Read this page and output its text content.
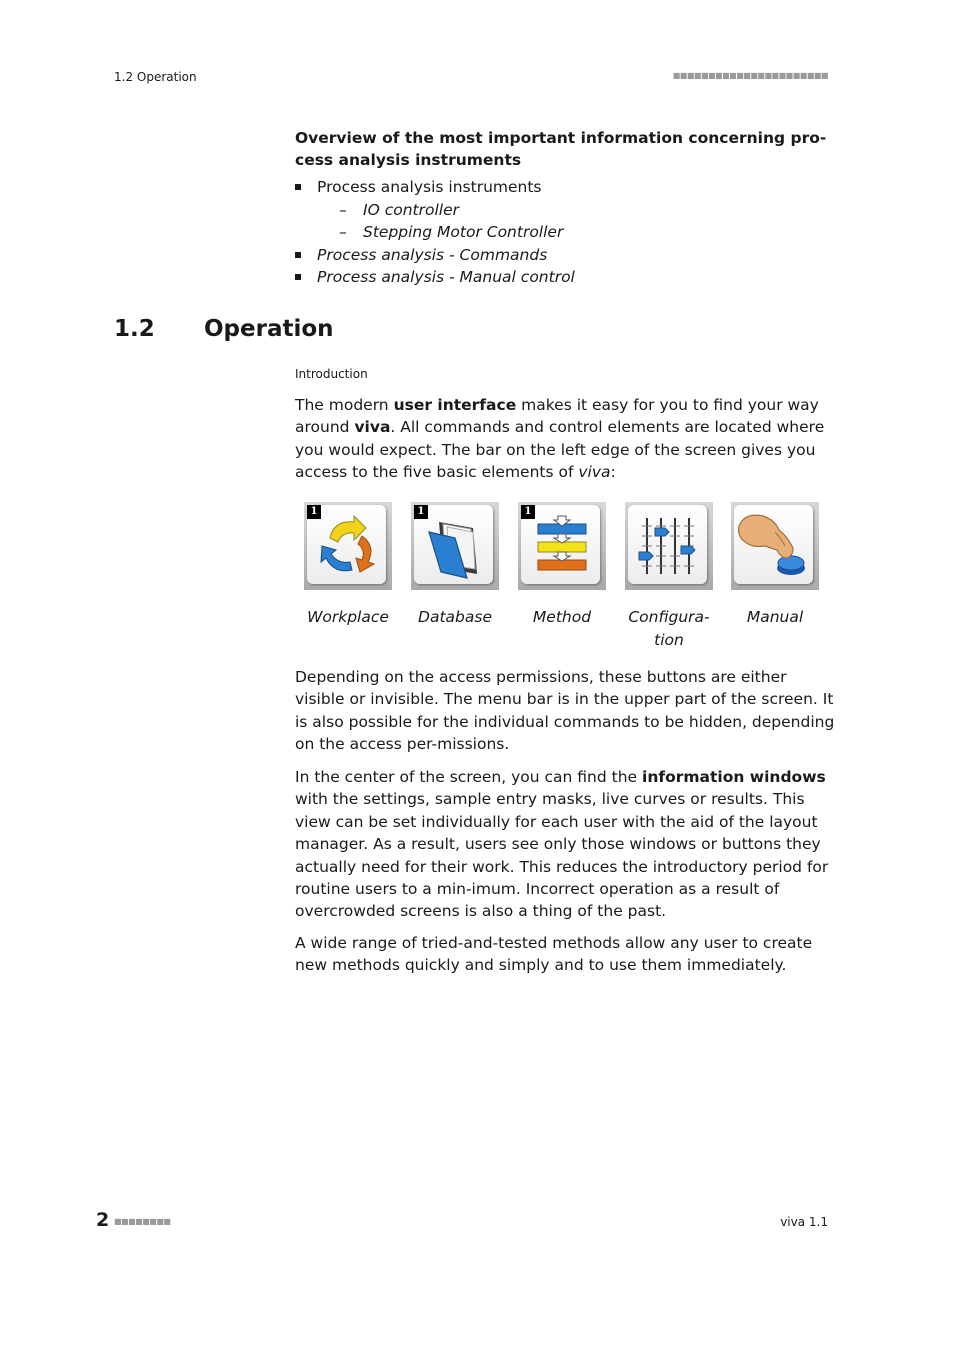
1.2 Operation	■■■■■■■■■■■■■■■■■■■■■■
Overview of the most important information concerning pro-cess analysis instruments
Process analysis instruments
– IO controller
– Stepping Motor Controller
Process analysis - Commands
Process analysis - Manual control
1.2 Operation
Introduction
The modern user interface makes it easy for you to find your way around viva. All commands and control elements are located where you would expect. The bar on the left edge of the screen gives you access to the five basic elements of viva:
1	1	1
Workplace	Database	Method	Configura-tion
Manual
Depending on the access permissions, these buttons are either visible or invisible. The menu bar is in the upper part of the screen. It is also possible for the individual commands to be hidden, depending on the access per-missions.
In the center of the screen, you can find the information windows with the settings, sample entry masks, live curves or results. This view can be set individually for each user with the aid of the layout manager. As a result, users see only those windows or buttons they actually need for their work. This reduces the introductory period for routine users to a min-imum. Incorrect operation as a result of overcrowded screens is also a thing of the past.
A wide range of tried-and-tested methods allow any user to create new methods quickly and simply and to use them immediately.
2 ■■■■■■■■	viva 1.1
